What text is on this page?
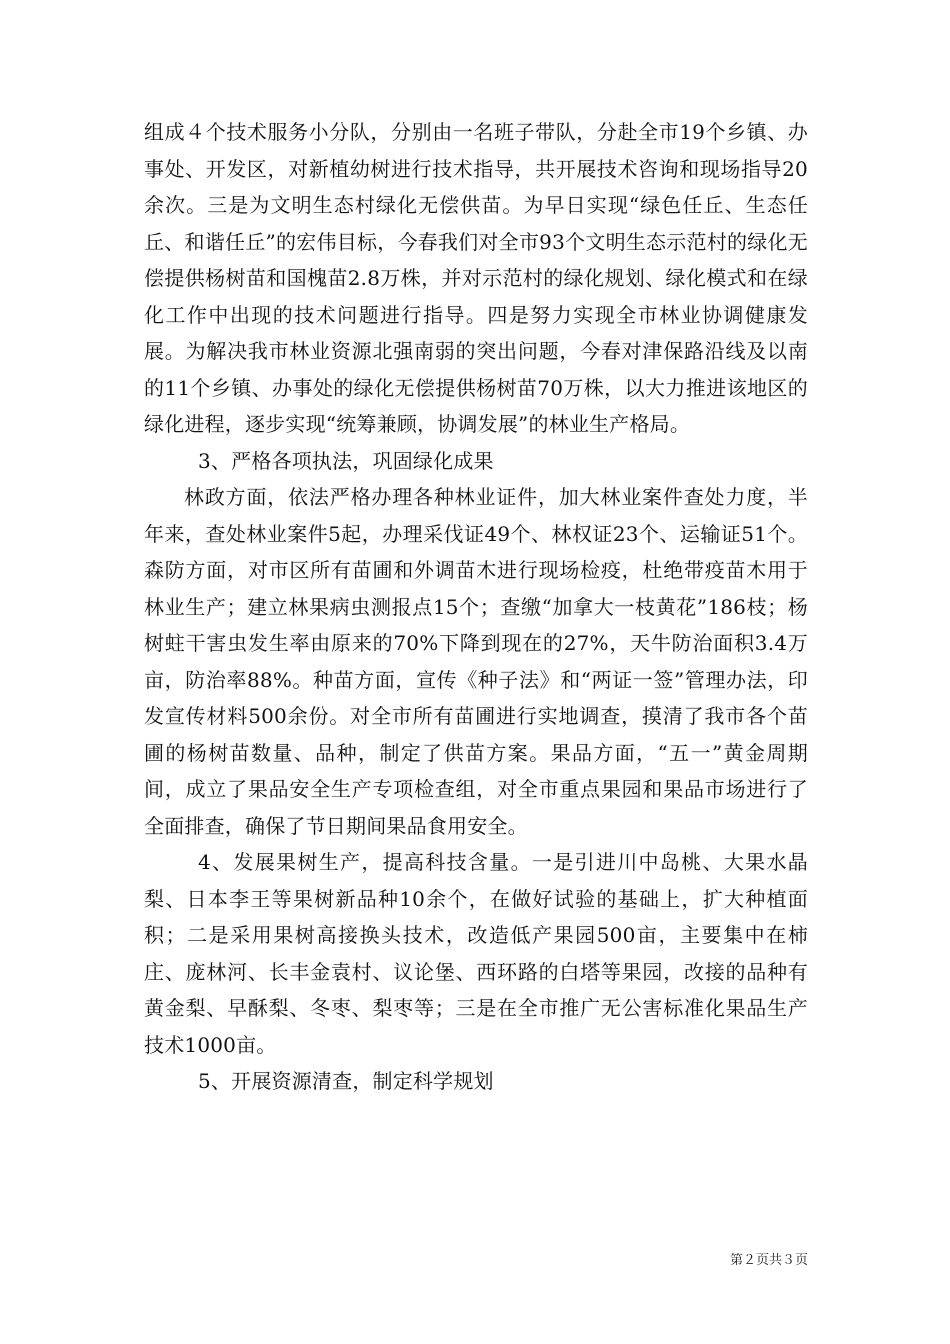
组成４个技术服务小分队，分别由一名班子带队，分赴全市19个乡镇、办事处、开发区，对新植幼树进行技术指导，共开展技术咨询和现场指导20余次。三是为文明生态村绿化无偿供苗。为早日实现“绿色任丘、生态任丘、和谐任丘”的宏伟目标，今春我们对全市93个文明生态示范村的绿化无偿提供杨树苗和国槐苗2.8万株，并对示范村的绿化规划、绿化模式和在绿化工作中出现的技术问题进行指导。四是努力实现全市林业协调健康发展。为解决我市林业资源北强南弱的突出问题，今春对津保路沿线及以南的11个乡镇、办事处的绿化无偿提供杨树苗70万株，以大力推进该地区的绿化进程，逐步实现“统筹兼顾，协调发展”的林业生产格局。

3、严格各项执法，巩固绿化成果

林政方面，依法严格办理各种林业证件，加大林业案件查处力度，半年来，查处林业案件5起，办理采伐证49个、林权证23个、运输证51个。森防方面，对市区所有苗圃和外调苗木进行现场检疫，杜绝带疫苗木用于林业生产；建立林果病虫测报点15个；查缴“加拿大一枝黄花”186枝；杨树蛀干害虫发生率由原来的70%下降到现在的27%，天牛防治面积3.4万亩，防治率88%。种苗方面，宣传《种子法》和“两证一签”管理办法，印发宣传材料500余份。对全市所有苗圃进行实地调查，摸清了我市各个苗圃的杨树苗数量、品种，制定了供苗方案。果品方面，“五一”黄金周期间，成立了果品安全生产专项检查组，对全市重点果园和果品市场进行了全面排查，确保了节日期间果品食用安全。

4、发展果树生产，提高科技含量。一是引进川中岛桃、大果水晶梨、日本李王等果树新品种10余个，在做好试验的基础上，扩大种植面积；二是采用果树高接换头技术，改造低产果园500亩，主要集中在柿庄、庞林河、长丰金袁村、议论堡、西环路的白塔等果园，改接的品种有黄金梨、早酥梨、冬枣、梨枣等；三是在全市推广无公害标准化果品生产技术1000亩。

5、开展资源清查，制定科学规划

第２页共３页
